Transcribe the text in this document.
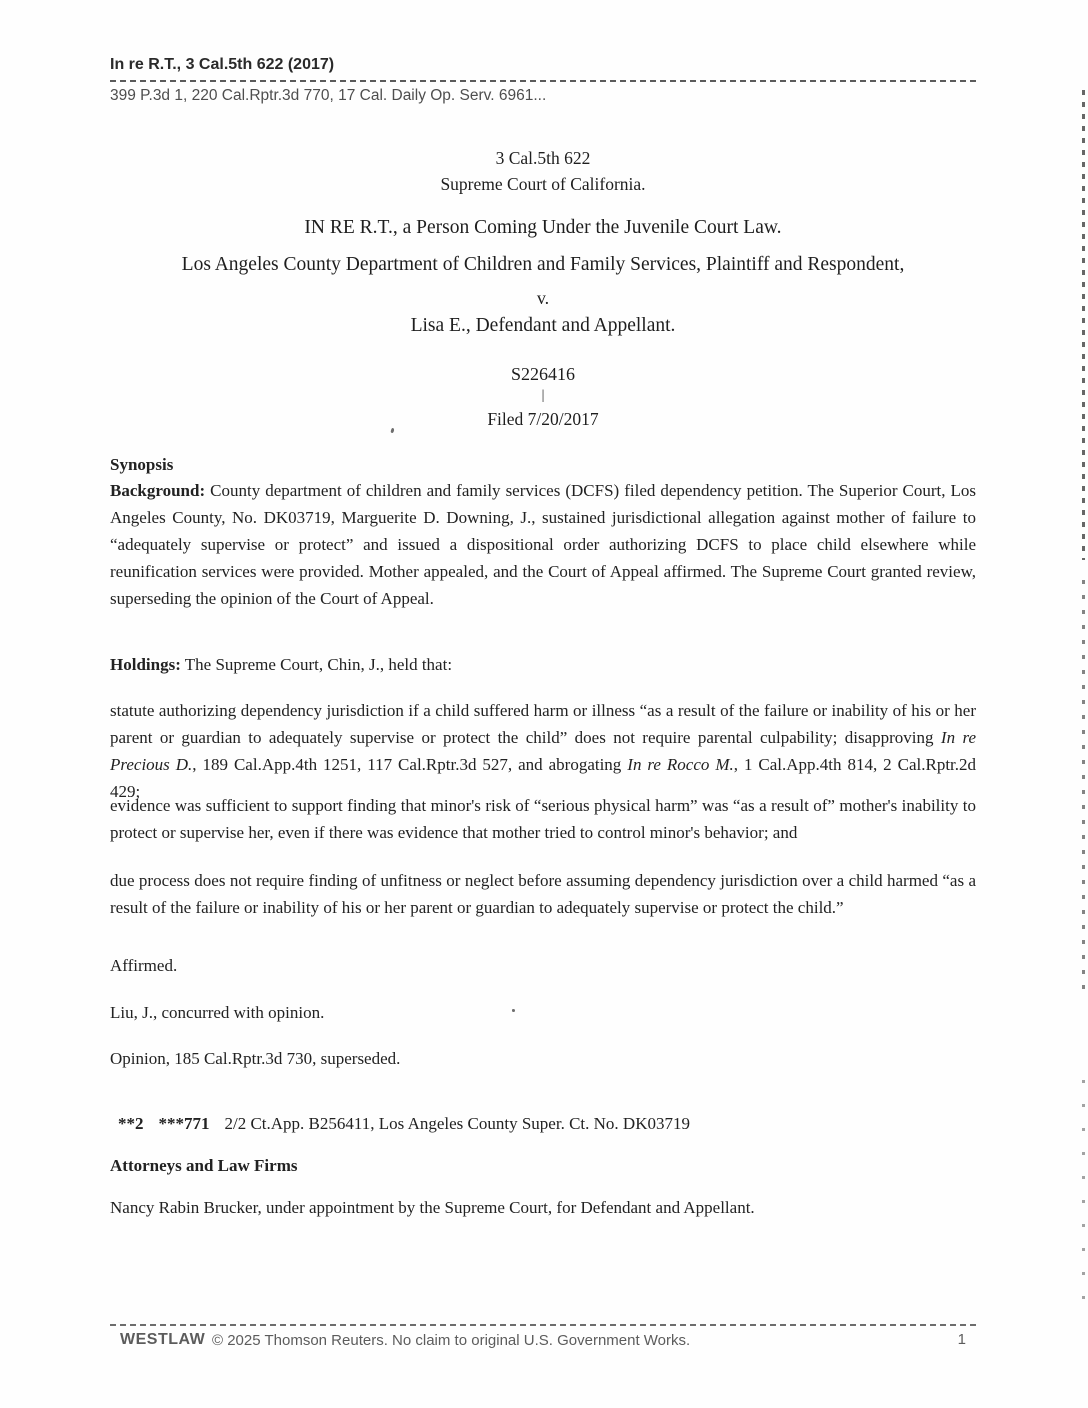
In re R.T., 3 Cal.5th 622 (2017)
399 P.3d 1, 220 Cal.Rptr.3d 770, 17 Cal. Daily Op. Serv. 6961...
3 Cal.5th 622
Supreme Court of California.
IN RE R.T., a Person Coming Under the Juvenile Court Law.
Los Angeles County Department of Children and Family Services, Plaintiff and Respondent,
v.
Lisa E., Defendant and Appellant.
S226416
|
Filed 7/20/2017
Synopsis
Background: County department of children and family services (DCFS) filed dependency petition. The Superior Court, Los Angeles County, No. DK03719, Marguerite D. Downing, J., sustained jurisdictional allegation against mother of failure to “adequately supervise or protect” and issued a dispositional order authorizing DCFS to place child elsewhere while reunification services were provided. Mother appealed, and the Court of Appeal affirmed. The Supreme Court granted review, superseding the opinion of the Court of Appeal.
Holdings: The Supreme Court, Chin, J., held that:
statute authorizing dependency jurisdiction if a child suffered harm or illness “as a result of the failure or inability of his or her parent or guardian to adequately supervise or protect the child” does not require parental culpability; disapproving In re Precious D., 189 Cal.App.4th 1251, 117 Cal.Rptr.3d 527, and abrogating In re Rocco M., 1 Cal.App.4th 814, 2 Cal.Rptr.2d 429;
evidence was sufficient to support finding that minor's risk of “serious physical harm” was “as a result of” mother's inability to protect or supervise her, even if there was evidence that mother tried to control minor's behavior; and
due process does not require finding of unfitness or neglect before assuming dependency jurisdiction over a child harmed “as a result of the failure or inability of his or her parent or guardian to adequately supervise or protect the child.”
Affirmed.
Liu, J., concurred with opinion.
Opinion, 185 Cal.Rptr.3d 730, superseded.
**2 ***771 2/2 Ct.App. B256411, Los Angeles County Super. Ct. No. DK03719
Attorneys and Law Firms
Nancy Rabin Brucker, under appointment by the Supreme Court, for Defendant and Appellant.
WESTLAW © 2025 Thomson Reuters. No claim to original U.S. Government Works.	1
